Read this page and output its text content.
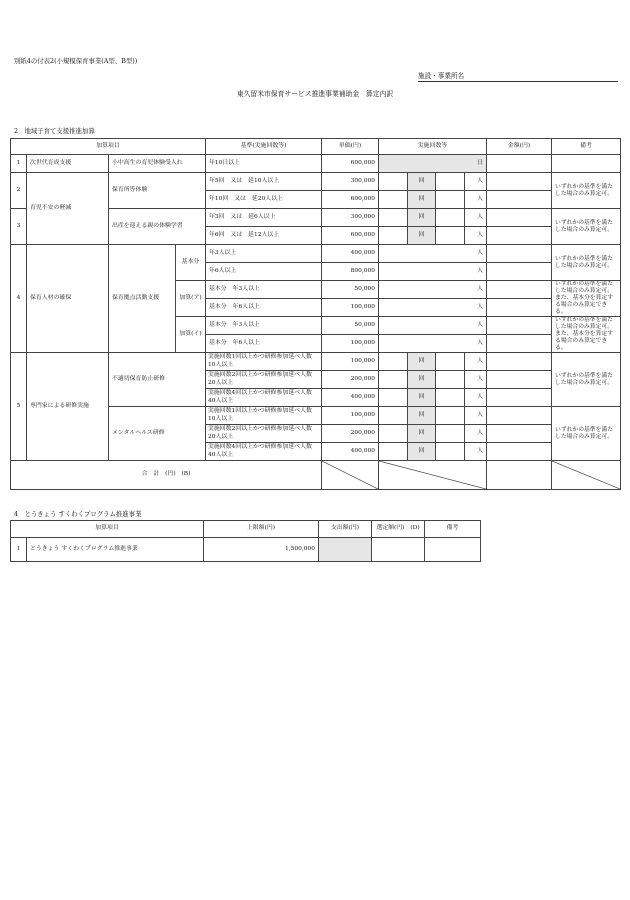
別紙4の付表2(小規模保育事業(A型、B型))
施設・事業所名
東久留米市保育サービス推進事業補助金　算定内訳
2　地域子育て支援推進加算
加算項目				基準(実施回数等)	単価(円)	実施回数等				金額(円)	備考
1	次世代育成支援	小中高生の育児体験受入れ		年10日以上	600,000	日					
2	育児不安の軽減	保育所等体験		年5回　又は　延10人以上	300,000		回		人		いずれかの基準を満たした場合のみ算定可。
				年10回　又は　延20人以上	600,000		回		人		
3		出産を迎える親の体験学習		年3回　又は　延6人以上	300,000		回		人		いずれかの基準を満たした場合のみ算定可。
				年6回　又は　延12人以上	600,000		回		人		
4	保育人材の確保	保育拠点活動支援	基本分	年3人以上	400,000	人					いずれかの基準を満たした場合のみ算定可。
				年6人以上	800,000	人					
			加算(ア)	基本分　年3人以上	50,000	人					いずれかの基準を満たした場合のみ算定可。また、基本分を算定する場合のみ算定できる。
				基本分　年6人以上	100,000	人					
			加算(イ)	基本分　年3人以上	50,000	人					いずれかの基準を満たした場合のみ算定可。また、基本分を算定する場合のみ算定できる。
				基本分　年6人以上	100,000	人					
5	専門家による研修実施	不適切保育防止研修		実施回数1回以上かつ研修参加延べ人数10人以上	100,000		回		人		いずれかの基準を満たした場合のみ算定可。
				実施回数2回以上かつ研修参加延べ人数20人以上	200,000		回		人		
				実施回数4回以上かつ研修参加延べ人数40人以上	400,000		回		人		
		メンタルヘルス研修		実施回数1回以上かつ研修参加延べ人数10人以上	100,000		回		人		いずれかの基準を満たした場合のみ算定可。
				実施回数2回以上かつ研修参加延べ人数20人以上	200,000		回		人		
				実施回数4回以上かつ研修参加延べ人数40人以上	400,000		回		人		
合　計　(円)　(B)	

4　とうきょう すくわくプログラム推進事業
加算項目		上限額(円)	支出額(円)	選定額(円)　(D)	備考
1	とうきょう すくわくプログラム推進事業	1,500,000			
